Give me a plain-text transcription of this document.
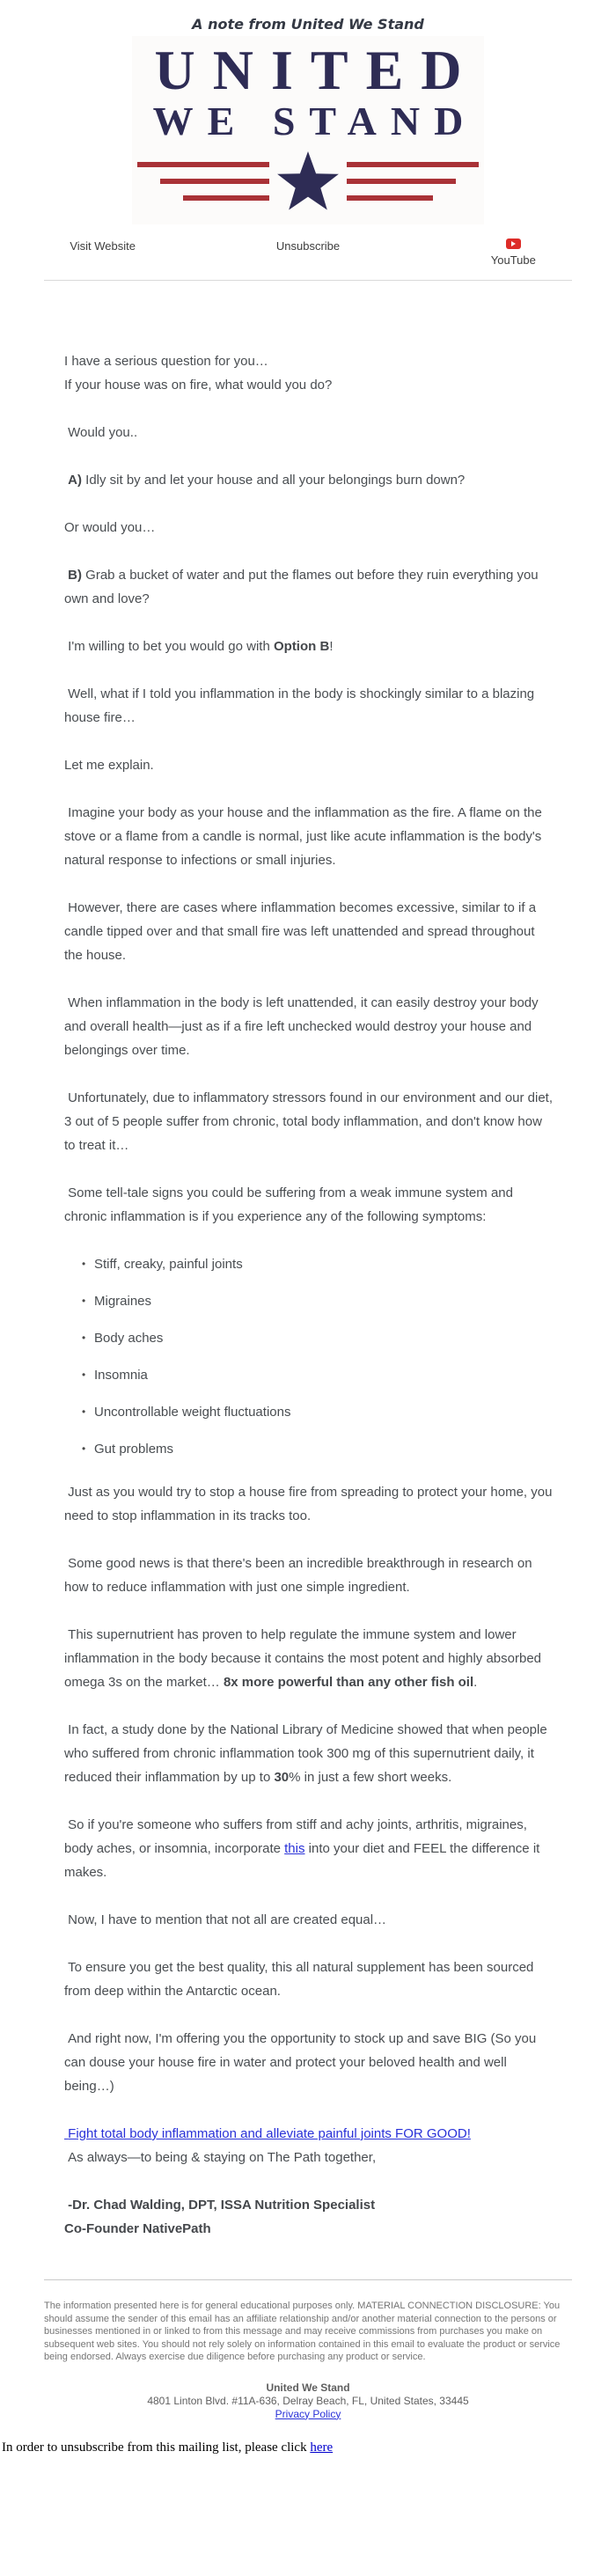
A note from United We Stand
UNITED
WE STAND
Visit Website	Unsubscribe
YouTube

I have a serious question for you…
If your house was on fire, what would you do?

Would you..

A) Idly sit by and let your house and all your belongings burn down?

Or would you…

B) Grab a bucket of water and put the flames out before they ruin everything you own and love?

I'm willing to bet you would go with Option B!

Well, what if I told you inflammation in the body is shockingly similar to a blazing house fire…

Let me explain.

Imagine your body as your house and the inflammation as the fire. A flame on the stove or a flame from a candle is normal, just like acute inflammation is the body's natural response to infections or small injuries.

However, there are cases where inflammation becomes excessive, similar to if a candle tipped over and that small fire was left unattended and spread throughout the house.

When inflammation in the body is left unattended, it can easily destroy your body and overall health—just as if a fire left unchecked would destroy your house and belongings over time.

Unfortunately, due to inflammatory stressors found in our environment and our diet, 3 out of 5 people suffer from chronic, total body inflammation, and don't know how to treat it…

Some tell-tale signs you could be suffering from a weak immune system and chronic inflammation is if you experience any of the following symptoms:

• Stiff, creaky, painful joints
• Migraines
• Body aches
• Insomnia
• Uncontrollable weight fluctuations
• Gut problems

Just as you would try to stop a house fire from spreading to protect your home, you need to stop inflammation in its tracks too.

Some good news is that there's been an incredible breakthrough in research on how to reduce inflammation with just one simple ingredient.

This supernutrient has proven to help regulate the immune system and lower inflammation in the body because it contains the most potent and highly absorbed omega 3s on the market… 8x more powerful than any other fish oil.

In fact, a study done by the National Library of Medicine showed that when people who suffered from chronic inflammation took 300 mg of this supernutrient daily, it reduced their inflammation by up to 30% in just a few short weeks.

So if you're someone who suffers from stiff and achy joints, arthritis, migraines, body aches, or insomnia, incorporate this into your diet and FEEL the difference it makes.

Now, I have to mention that not all are created equal…

To ensure you get the best quality, this all natural supplement has been sourced from deep within the Antarctic ocean.

And right now, I'm offering you the opportunity to stock up and save BIG (So you can douse your house fire in water and protect your beloved health and well being…)

Fight total body inflammation and alleviate painful joints FOR GOOD!
As always—to being & staying on The Path together,

-Dr. Chad Walding, DPT, ISSA Nutrition Specialist
Co-Founder NativePath

The information presented here is for general educational purposes only. MATERIAL CONNECTION DISCLOSURE: You should assume the sender of this email has an affiliate relationship and/or another material connection to the persons or businesses mentioned in or linked to from this message and may receive commissions from purchases you make on subsequent web sites. You should not rely solely on information contained in this email to evaluate the product or service being endorsed. Always exercise due diligence before purchasing any product or service.
United We Stand
4801 Linton Blvd. #11A-636, Delray Beach, FL, United States, 33445
Privacy Policy
In order to unsubscribe from this mailing list, please click here
